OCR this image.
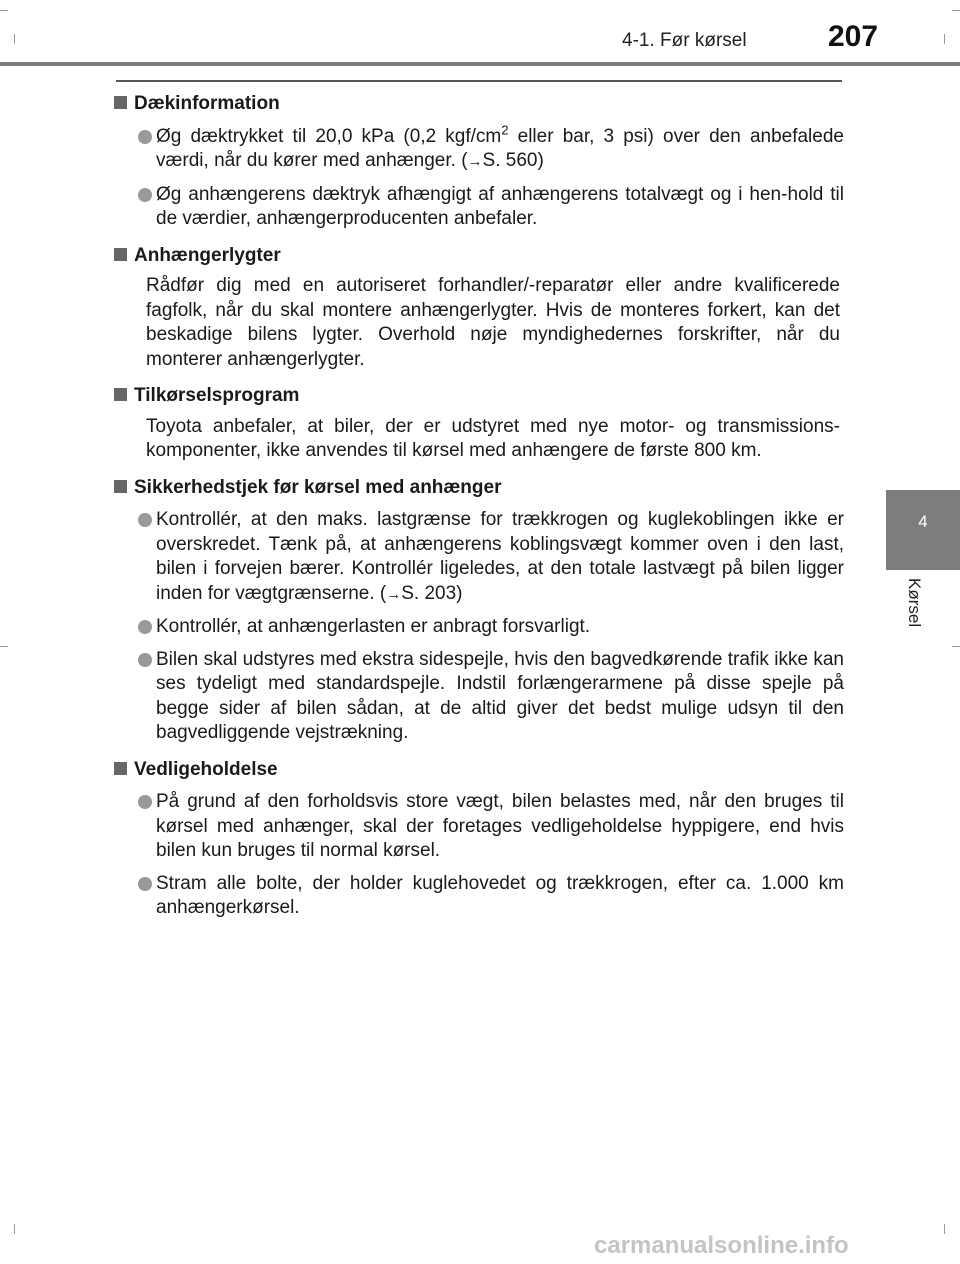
4-1. Før kørsel	207
4
Kørsel
Dækinformation
Øg dæktrykket til 20,0 kPa (0,2 kgf/$cm^2$ eller bar, 3 psi) over den anbefalede værdi, når du kører med anhænger. (→S. 560)
Øg anhængerens dæktryk afhængigt af anhængerens totalvægt og i hen-hold til de værdier, anhængerproducenten anbefaler.
Anhængerlygter
Rådfør dig med en autoriseret forhandler/-reparatør eller andre kvalificerede fagfolk, når du skal montere anhængerlygter. Hvis de monteres forkert, kan det beskadige bilens lygter. Overhold nøje myndighedernes forskrifter, når du monterer anhængerlygter.
Tilkørselsprogram
Toyota anbefaler, at biler, der er udstyret med nye motor- og transmissions-komponenter, ikke anvendes til kørsel med anhængere de første 800 km.
Sikkerhedstjek før kørsel med anhænger
Kontrollér, at den maks. lastgrænse for trækkrogen og kuglekoblingen ikke er overskredet. Tænk på, at anhængerens koblingsvægt kommer oven i den last, bilen i forvejen bærer. Kontrollér ligeledes, at den totale lastvægt på bilen ligger inden for vægtgrænserne. (→S. 203)
Kontrollér, at anhængerlasten er anbragt forsvarligt.
Bilen skal udstyres med ekstra sidespejle, hvis den bagvedkørende trafik ikke kan ses tydeligt med standardspejle. Indstil forlængerarmene på disse spejle på begge sider af bilen sådan, at de altid giver det bedst mulige udsyn til den bagvedliggende vejstrækning.
Vedligeholdelse
På grund af den forholdsvis store vægt, bilen belastes med, når den bruges til kørsel med anhænger, skal der foretages vedligeholdelse hyppigere, end hvis bilen kun bruges til normal kørsel.
Stram alle bolte, der holder kuglehovedet og trækkrogen, efter ca. 1.000 km anhængerkørsel.
carmanualsonline.info
